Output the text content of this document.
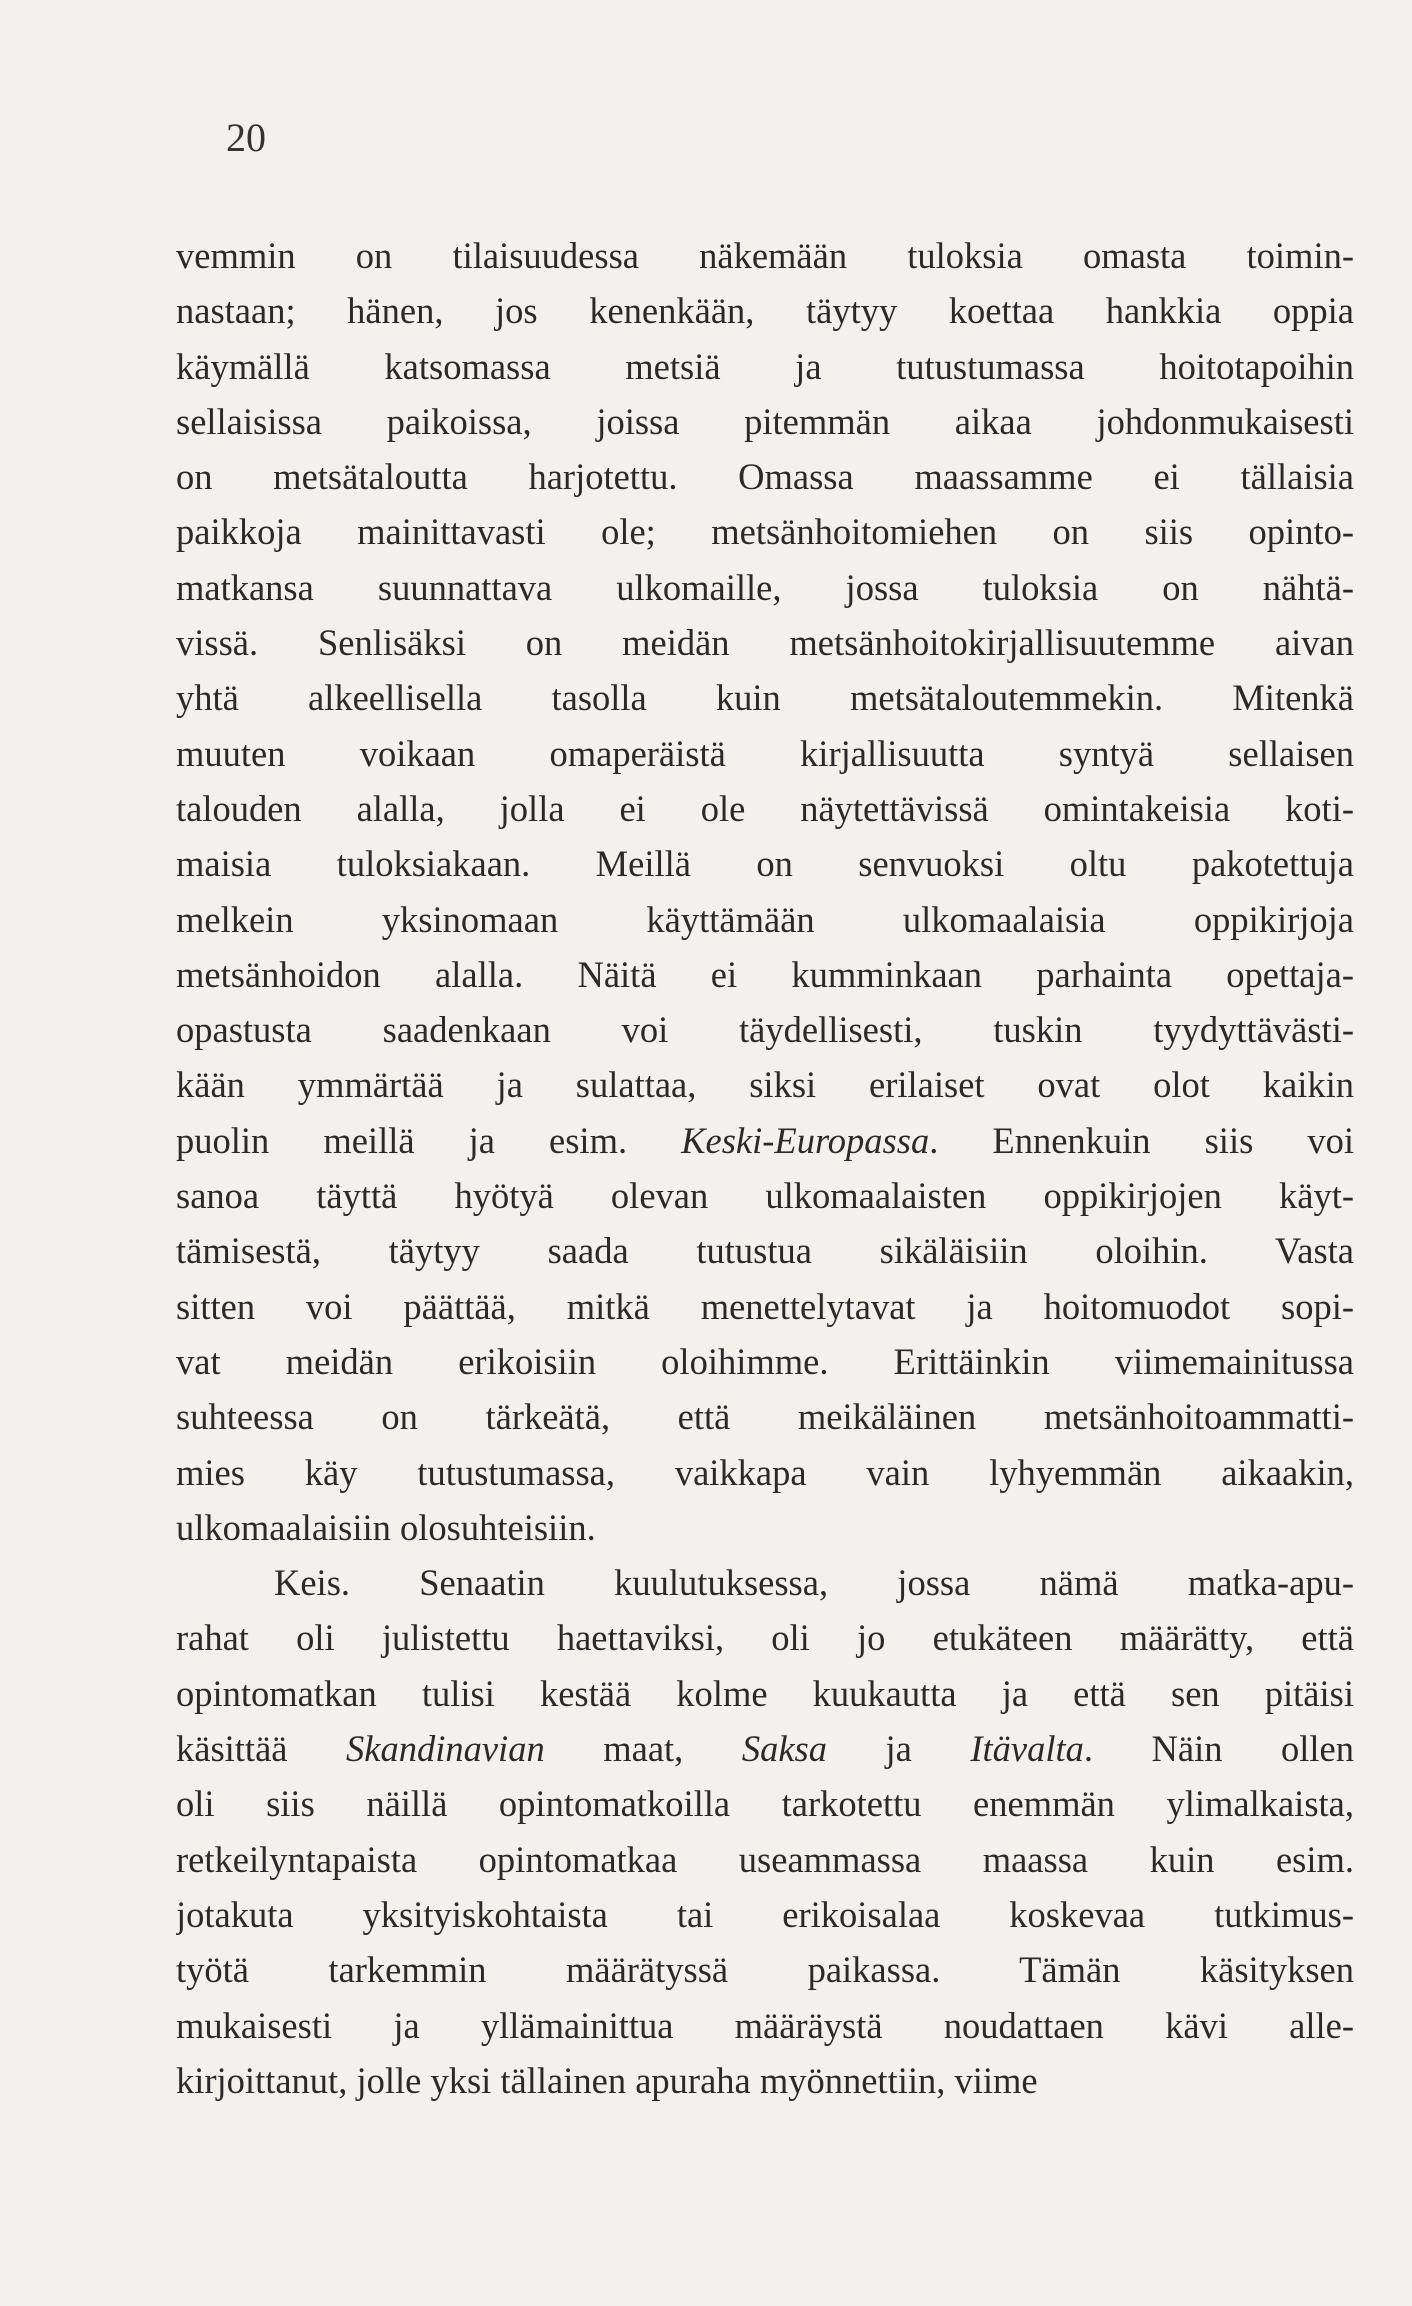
20
vemmin on tilaisuudessa näkemään tuloksia omasta toimin-
nastaan; hänen, jos kenenkään, täytyy koettaa hankkia oppia
käymällä katsomassa metsiä ja tutustumassa hoitotapoihin
sellaisissa paikoissa, joissa pitemmän aikaa johdonmukaisesti
on metsätaloutta harjotettu. Omassa maassamme ei tällaisia
paikkoja mainittavasti ole; metsänhoitomiehen on siis opinto-
matkansa suunnattava ulkomaille, jossa tuloksia on nähtä-
vissä. Senlisäksi on meidän metsänhoitokirjallisuutemme aivan
yhtä alkeellisella tasolla kuin metsätaloutemmekin. Mitenkä
muuten voikaan omaperäistä kirjallisuutta syntyä sellaisen
talouden alalla, jolla ei ole näytettävissä omintakeisia koti-
maisia tuloksiakaan. Meillä on senvuoksi oltu pakotettuja
melkein yksinomaan käyttämään ulkomaalaisia oppikirjoja
metsänhoidon alalla. Näitä ei kumminkaan parhainta opettaja-
opastusta saadenkaan voi täydellisesti, tuskin tyydyttävästi-
kään ymmärtää ja sulattaa, siksi erilaiset ovat olot kaikin
puolin meillä ja esim. Keski-Europassa. Ennenkuin siis voi
sanoa täyttä hyötyä olevan ulkomaalaisten oppikirjojen käyt-
tämisestä, täytyy saada tutustua sikäläisiin oloihin. Vasta
sitten voi päättää, mitkä menettelytavat ja hoitomuodot sopi-
vat meidän erikoisiin oloihimme. Erittäinkin viimemainitussa
suhteessa on tärkeätä, että meikäläinen metsänhoitoammatti-
mies käy tutustumassa, vaikkapa vain lyhyemmän aikaakin,
ulkomaalaisiin olosuhteisiin.
Keis. Senaatin kuulutuksessa, jossa nämä matka-apu-
rahat oli julistettu haettaviksi, oli jo etukäteen määrätty, että
opintomatkan tulisi kestää kolme kuukautta ja että sen pitäisi
käsittää Skandinavian maat, Saksa ja Itävalta. Näin ollen
oli siis näillä opintomatkoilla tarkotettu enemmän ylimalkaista,
retkeilyntapaista opintomatkaa useammassa maassa kuin esim.
jotakuta yksityiskohtaista tai erikoisalaa koskevaa tutkimus-
työtä tarkemmin määrätyssä paikassa. Tämän käsityksen
mukaisesti ja yllämainittua määräystä noudattaen kävi alle-
kirjoittanut, jolle yksi tällainen apuraha myönnettiin, viime
